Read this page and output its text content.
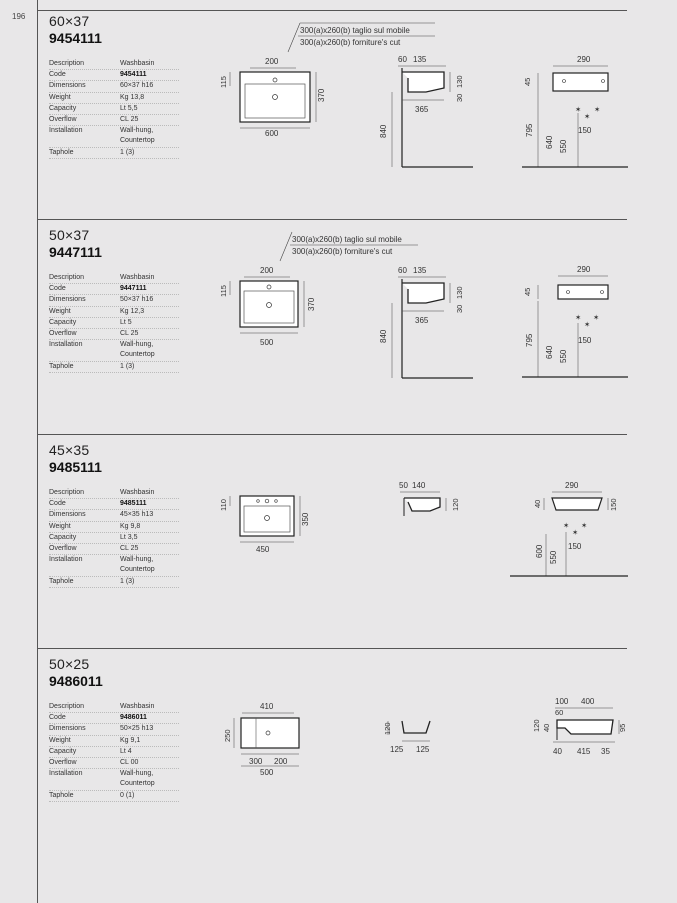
196 60×37
9454111
Description	Washbasin
Code	9454111
Dimensions	60×37 h16
Weight	Kg 13,8
Capacity	Lt 5,5
Overflow	CL 25
Installation	Wall-hung,
Countertop
Taphole	1 (3)
300(a)x260(b) taglio sul mobile
300(a)x260(b) forniture's cut
200
115
370
600
60 135
130
30
365
840
290
45
✶ ✶
✶
150
795
640 550
50×37
9447111
Description	Washbasin
Code	9447111
Dimensions	50×37 h16
Weight	Kg 12,3
Capacity	Lt 5
Overflow	CL 25
Installation	Wall-hung,
Countertop
Taphole	1 (3)
300(a)x260(b) taglio sul mobile
300(a)x260(b) forniture's cut
200
115
370
500
60 135
130
30
365
840
290
45
✶ ✶
✶
150
795
640 550
45×35
9485111
Description	Washbasin
Code	9485111
Dimensions	45×35 h13
Weight	Kg 9,8
Capacity	Lt 3,5
Overflow	CL 25
Installation	Wall-hung,
Countertop
Taphole	1 (3)
110
350
450
50 140
120
290
40	150
✶ ✶
✶
150
600 550
50×25
9486011
Description	Washbasin
Code	9486011
Dimensions	50×25 h13
Weight	Kg 9,1
Capacity	Lt 4
Overflow	CL 00
Installation	Wall-hung,
Countertop
Taphole	0 (1)
410
250
300 200
500
120
125 125
100 400
60
120 40	95
40 415 35
